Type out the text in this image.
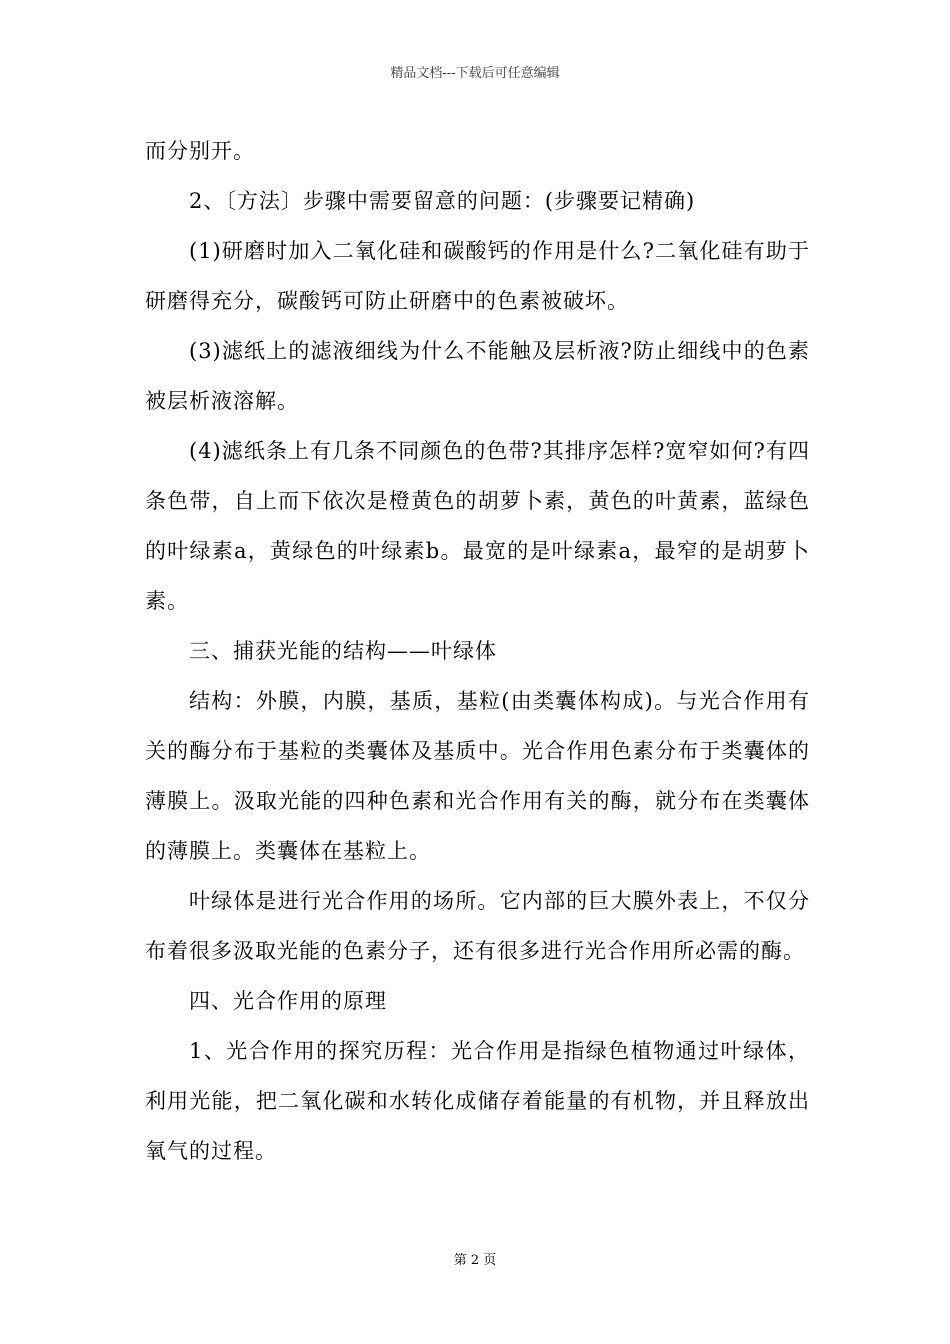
精品文档---下载后可任意编辑

而分别开。

2、〔方法〕步骤中需要留意的问题：(步骤要记精确)

(1)研磨时加入二氧化硅和碳酸钙的作用是什么?二氧化硅有助于研磨得充分，碳酸钙可防止研磨中的色素被破坏。

(3)滤纸上的滤液细线为什么不能触及层析液?防止细线中的色素被层析液溶解。

(4)滤纸条上有几条不同颜色的色带?其排序怎样?宽窄如何?有四条色带，自上而下依次是橙黄色的胡萝卜素，黄色的叶黄素，蓝绿色的叶绿素a，黄绿色的叶绿素b。最宽的是叶绿素a，最窄的是胡萝卜素。

三、捕获光能的结构——叶绿体

结构：外膜，内膜，基质，基粒(由类囊体构成)。与光合作用有关的酶分布于基粒的类囊体及基质中。光合作用色素分布于类囊体的薄膜上。汲取光能的四种色素和光合作用有关的酶，就分布在类囊体的薄膜上。类囊体在基粒上。

叶绿体是进行光合作用的场所。它内部的巨大膜外表上，不仅分布着很多汲取光能的色素分子，还有很多进行光合作用所必需的酶。

四、光合作用的原理

1、光合作用的探究历程：光合作用是指绿色植物通过叶绿体，利用光能，把二氧化碳和水转化成储存着能量的有机物，并且释放出氧气的过程。

第 2 页
